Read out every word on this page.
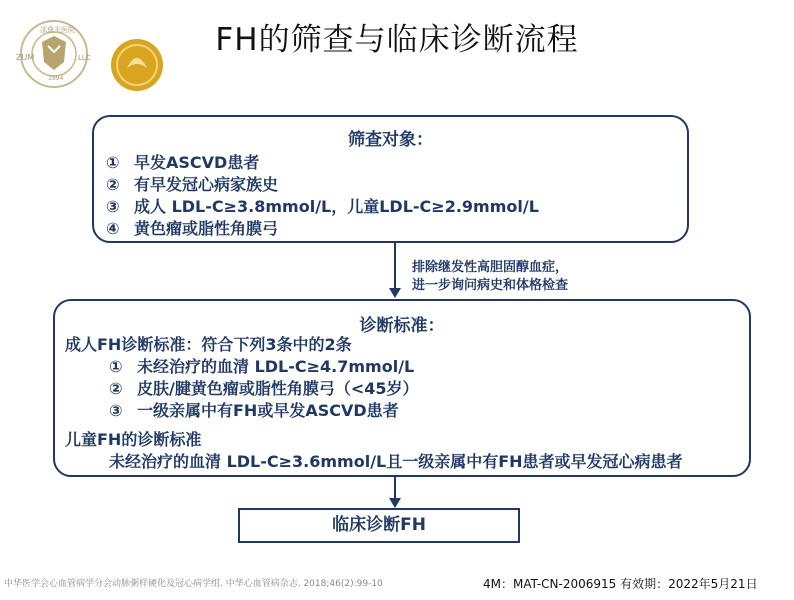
FH的筛查与临床诊断流程
ZUM
邵逸夫医院
LLC
1994
筛查对象：
① 早发ASCVD患者
② 有早发冠心病家族史
③ 成人 LDL-C≥3.8mmol/L，儿童LDL-C≥2.9mmol/L
④ 黄色瘤或脂性角膜弓
排除继发性高胆固醇血症，
进一步询问病史和体格检查
诊断标准：
成人FH诊断标准：符合下列3条中的2条
① 未经治疗的血清 LDL-C≥4.7mmol/L
② 皮肤/腱黄色瘤或脂性角膜弓（<45岁）
③ 一级亲属中有FH或早发ASCVD患者
儿童FH的诊断标准
未经治疗的血清 LDL-C≥3.6mmol/L且一级亲属中有FH患者或早发冠心病患者
临床诊断FH
中华医学会心血管病学分会动脉粥样硬化及冠心病学组. 中华心血管病杂志. 2018;46(2):99-10	4M：MAT-CN-2006915 有效期：2022年5月21日
